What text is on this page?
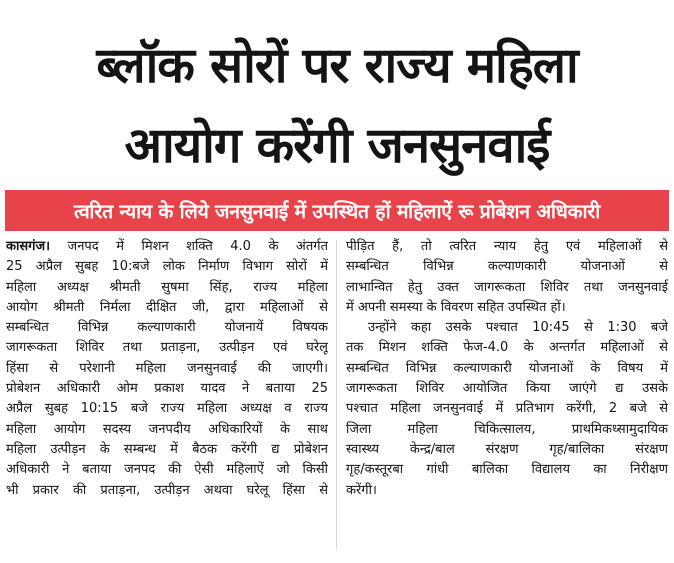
ब्लॉक सोरों पर राज्य महिला
आयोग करेंगी जनसुनवाई
त्वरित न्याय के लिये जनसुनवाई में उपस्थित हों महिलाऐं रू प्रोबेशन अधिकारी
कासगंज। जनपद में मिशन शक्ति 4.0 के अंतर्गत
25 अप्रैल सुबह 10:बजे लोक निर्माण विभाग सोरों में
महिला अध्यक्ष श्रीमती सुषमा सिंह, राज्य महिला
आयोग श्रीमती निर्मला दीक्षित जी, द्वारा महिलाओं से
सम्बन्धित विभिन्न कल्याणकारी योजनायें विषयक
जागरूकता शिविर तथा प्रताड़ना, उत्पीड़न एवं घरेलू
हिंसा से परेशानी महिला जनसुनवाई की जाएगी।
प्रोबेशन अधिकारी ओम प्रकाश यादव ने बताया 25
अप्रैल सुबह 10:15 बजे राज्य महिला अध्यक्ष व राज्य
महिला आयोग सदस्य जनपदीय अधिकारियों के साथ
महिला उत्पीड़न के सम्बन्ध में बैठक करेंगी द्य प्रोबेशन
अधिकारी ने बताया जनपद की ऐसी महिलाऐं जो किसी
भी प्रकार की प्रताड़ना, उत्पीड़न अथवा घरेलू हिंसा से
पीड़ित हैं, तो त्वरित न्याय हेतु एवं महिलाओं से
सम्बन्धित विभिन्न कल्याणकारी योजनाओं से
लाभान्वित हेतु उक्त जागरूकता शिविर तथा जनसुनवाई
में अपनी समस्या के विवरण सहित उपस्थित हों।
उन्होंने कहा उसके पश्चात 10:45 से 1:30 बजे
तक मिशन शक्ति फेज-4.0 के अन्तर्गत महिलाओं से
सम्बन्धित विभिन्न कल्याणकारी योजनाओं के विषय में
जागरूकता शिविर आयोजित किया जाएंगे द्य उसके
पश्चात महिला जनसुनवाई में प्रतिभाग करेंगी, 2 बजे से
जिला महिला चिकित्सालय, प्राथमिकध्सामुदायिक
स्वास्थ्य केन्द्र/बाल संरक्षण गृह/बालिका संरक्षण
गृह/कस्तूरबा गांधी बालिका विद्यालय का निरीक्षण
करेंगी।
